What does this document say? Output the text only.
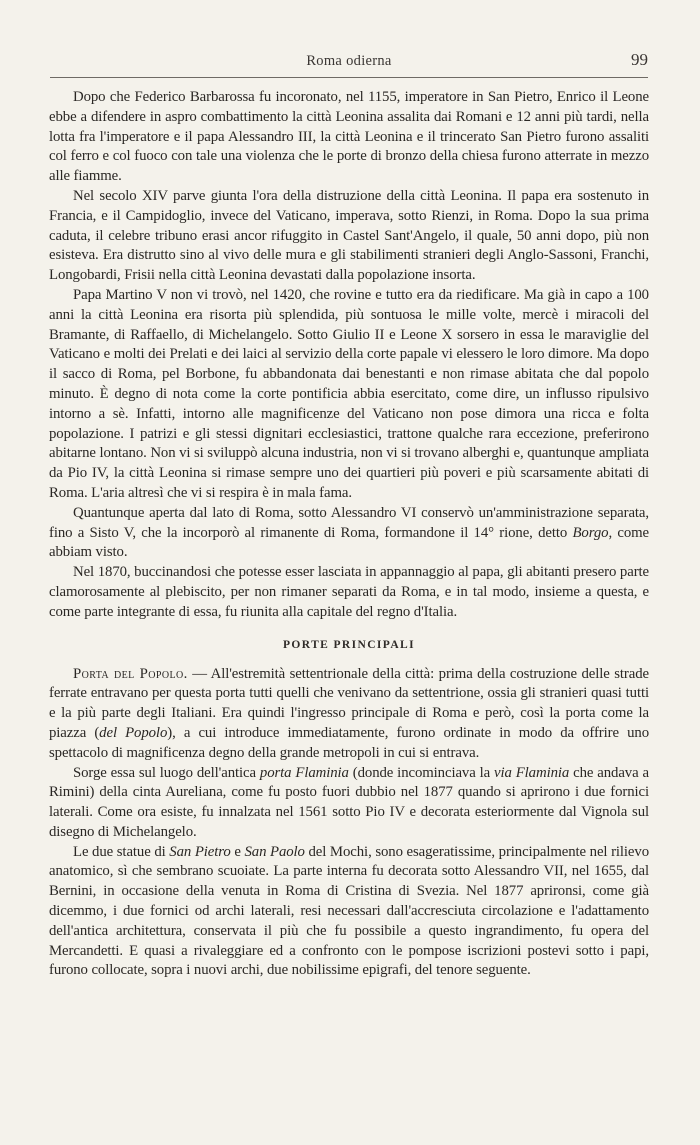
Roma odierna	99

Dopo che Federico Barbarossa fu incoronato, nel 1155, imperatore in San Pietro, Enrico il Leone ebbe a difendere in aspro combattimento la città Leonina assalita dai Romani e 12 anni più tardi, nella lotta fra l'imperatore e il papa Alessandro III, la città Leonina e il trincerato San Pietro furono assaliti col ferro e col fuoco con tale una violenza che le porte di bronzo della chiesa furono atterrate in mezzo alle fiamme.

Nel secolo XIV parve giunta l'ora della distruzione della città Leonina. Il papa era sostenuto in Francia, e il Campidoglio, invece del Vaticano, imperava, sotto Rienzi, in Roma. Dopo la sua prima caduta, il celebre tribuno erasi ancor rifuggito in Castel Sant'Angelo, il quale, 50 anni dopo, più non esisteva. Era distrutto sino al vivo delle mura e gli stabilimenti stranieri degli Anglo-Sassoni, Franchi, Longobardi, Frisii nella città Leonina devastati dalla popolazione insorta.

Papa Martino V non vi trovò, nel 1420, che rovine e tutto era da riedificare. Ma già in capo a 100 anni la città Leonina era risorta più splendida, più sontuosa le mille volte, mercè i miracoli del Bramante, di Raffaello, di Michelangelo. Sotto Giulio II e Leone X sorsero in essa le maraviglie del Vaticano e molti dei Prelati e dei laici al servizio della corte papale vi elessero le loro dimore. Ma dopo il sacco di Roma, pel Borbone, fu abbandonata dai benestanti e non rimase abitata che dal popolo minuto. È degno di nota come la corte pontificia abbia esercitato, come dire, un influsso ripulsivo intorno a sè. Infatti, intorno alle magnificenze del Vaticano non pose dimora una ricca e folta popolazione. I patrizi e gli stessi dignitari ecclesiastici, trattone qualche rara eccezione, preferirono abitarne lontano. Non vi si sviluppò alcuna industria, non vi si trovano alberghi e, quantunque ampliata da Pio IV, la città Leonina si rimase sempre uno dei quartieri più poveri e più scarsamente abitati di Roma. L'aria altresì che vi si respira è in mala fama.

Quantunque aperta dal lato di Roma, sotto Alessandro VI conservò un'amministrazione separata, fino a Sisto V, che la incorporò al rimanente di Roma, formandone il 14° rione, detto Borgo, come abbiam visto.

Nel 1870, buccinandosi che potesse esser lasciata in appannaggio al papa, gli abitanti presero parte clamorosamente al plebiscito, per non rimaner separati da Roma, e in tal modo, insieme a questa, e come parte integrante di essa, fu riunita alla capitale del regno d'Italia.

PORTE PRINCIPALI

Porta del Popolo. — All'estremità settentrionale della città: prima della costruzione delle strade ferrate entravano per questa porta tutti quelli che venivano da settentrione, ossia gli stranieri quasi tutti e la più parte degli Italiani. Era quindi l'ingresso principale di Roma e però, così la porta come la piazza (del Popolo), a cui introduce immediatamente, furono ordinate in modo da offrire uno spettacolo di magnificenza degno della grande metropoli in cui si entrava.

Sorge essa sul luogo dell'antica porta Flaminia (donde incominciava la via Flaminia che andava a Rimini) della cinta Aureliana, come fu posto fuori dubbio nel 1877 quando si aprirono i due fornici laterali. Come ora esiste, fu innalzata nel 1561 sotto Pio IV e decorata esteriormente dal Vignola sul disegno di Michelangelo.

Le due statue di San Pietro e San Paolo del Mochi, sono esageratissime, principalmente nel rilievo anatomico, sì che sembrano scuoiate. La parte interna fu decorata sotto Alessandro VII, nel 1655, dal Bernini, in occasione della venuta in Roma di Cristina di Svezia. Nel 1877 aprironsi, come già dicemmo, i due fornici od archi laterali, resi necessari dall'accresciuta circolazione e l'adattamento dell'antica architettura, conservata il più che fu possibile a questo ingrandimento, fu opera del Mercandetti. E quasi a rivaleggiare ed a confronto con le pompose iscrizioni postevi sotto i papi, furono collocate, sopra i nuovi archi, due nobilissime epigrafi, del tenore seguente.
